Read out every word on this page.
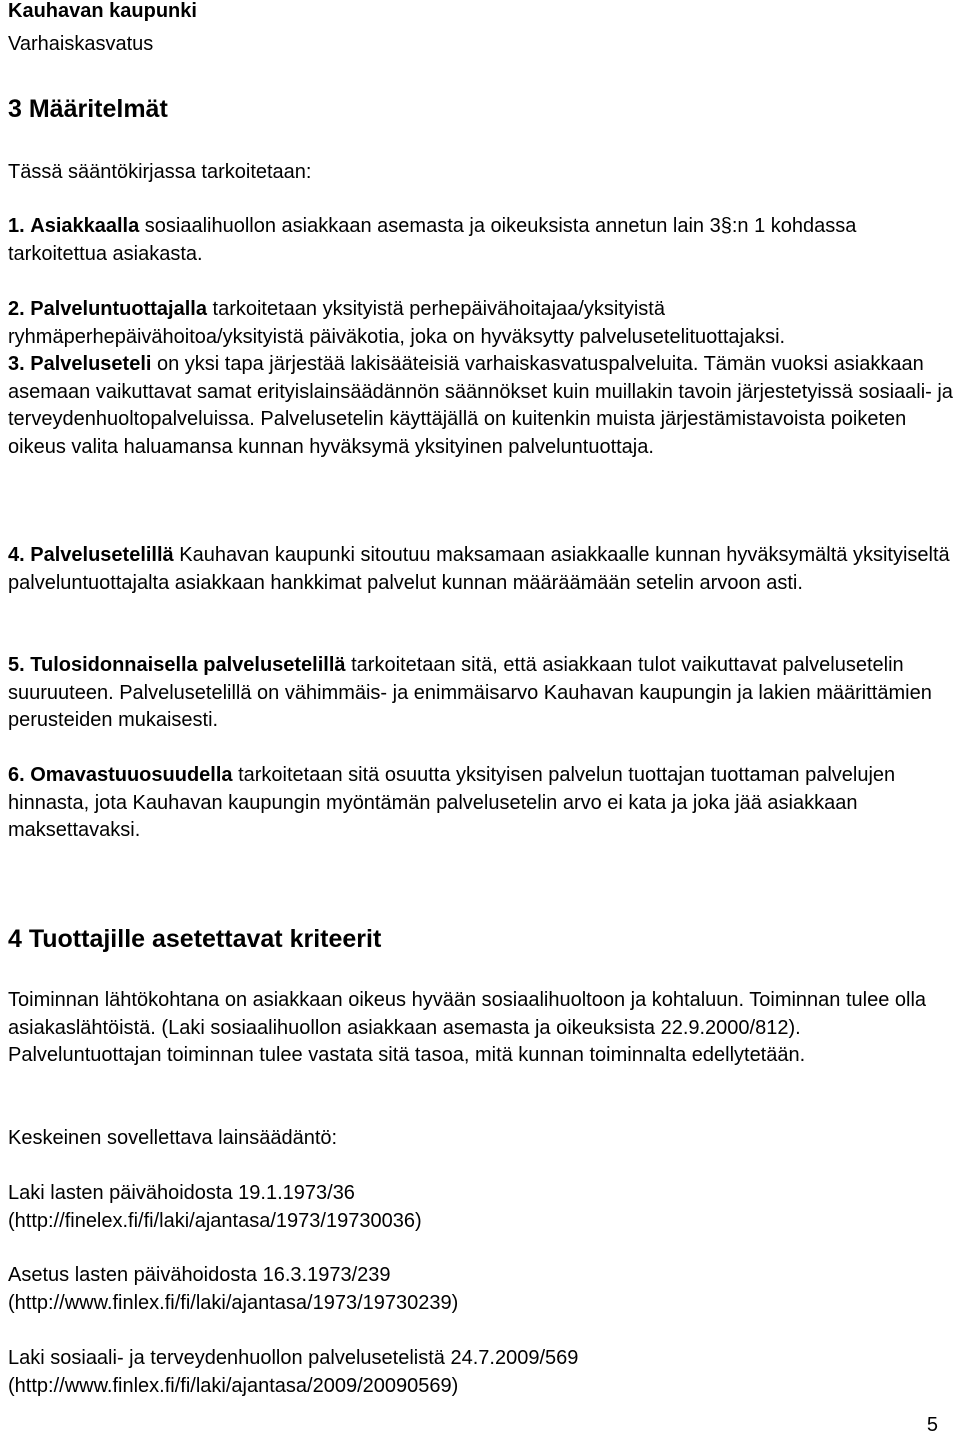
Kauhavan kaupunki

Varhaiskasvatus

3 Määritelmät

Tässä sääntökirjassa tarkoitetaan:

1. Asiakkaalla sosiaalihuollon asiakkaan asemasta ja oikeuksista annetun lain 3§:n 1 kohdassa tarkoitettua asiakasta.

2. Palveluntuottajalla tarkoitetaan yksityistä perhepäivähoitajaa/yksityistä ryhmäperhepäivähoitoa/yksityistä päiväkotia, joka on hyväksytty palvelusetelituottajaksi.

3. Palveluseteli on yksi tapa järjestää lakisääteisiä varhaiskasvatuspalveluita. Tämän vuoksi asiakkaan asemaan vaikuttavat samat erityislainsäädännön säännökset kuin muillakin tavoin järjestetyissä sosiaali- ja terveydenhuoltopalveluissa. Palvelusetelin käyttäjällä on kuitenkin muista järjestämistavoista poiketen oikeus valita haluamansa kunnan hyväksymä yksityinen palveluntuottaja.

4. Palvelusetelillä Kauhavan kaupunki sitoutuu maksamaan asiakkaalle kunnan hyväksymältä yksityiseltä palveluntuottajalta asiakkaan hankkimat palvelut kunnan määräämään setelin arvoon asti.

5. Tulosidonnaisella palvelusetelillä tarkoitetaan sitä, että asiakkaan tulot vaikuttavat palvelusetelin suuruuteen. Palvelusetelillä on vähimmäis- ja enimmäisarvo Kauhavan kaupungin ja lakien määrittämien perusteiden mukaisesti.

6. Omavastuuosuudella tarkoitetaan sitä osuutta yksityisen palvelun tuottajan tuottaman palvelujen hinnasta, jota Kauhavan kaupungin myöntämän palvelusetelin arvo ei kata ja joka jää asiakkaan maksettavaksi.

4 Tuottajille asetettavat kriteerit

Toiminnan lähtökohtana on asiakkaan oikeus hyvään sosiaalihuoltoon ja kohtaluun. Toiminnan tulee olla asiakaslähtöistä. (Laki sosiaalihuollon asiakkaan asemasta ja oikeuksista 22.9.2000/812). Palveluntuottajan toiminnan tulee vastata sitä tasoa, mitä kunnan toiminnalta edellytetään.

Keskeinen sovellettava lainsäädäntö:

Laki lasten päivähoidosta 19.1.1973/36
(http://finelex.fi/fi/laki/ajantasa/1973/19730036)

Asetus lasten päivähoidosta 16.3.1973/239
(http://www.finlex.fi/fi/laki/ajantasa/1973/19730239)

Laki sosiaali- ja terveydenhuollon palvelusetelistä 24.7.2009/569
(http://www.finlex.fi/fi/laki/ajantasa/2009/20090569)

5
